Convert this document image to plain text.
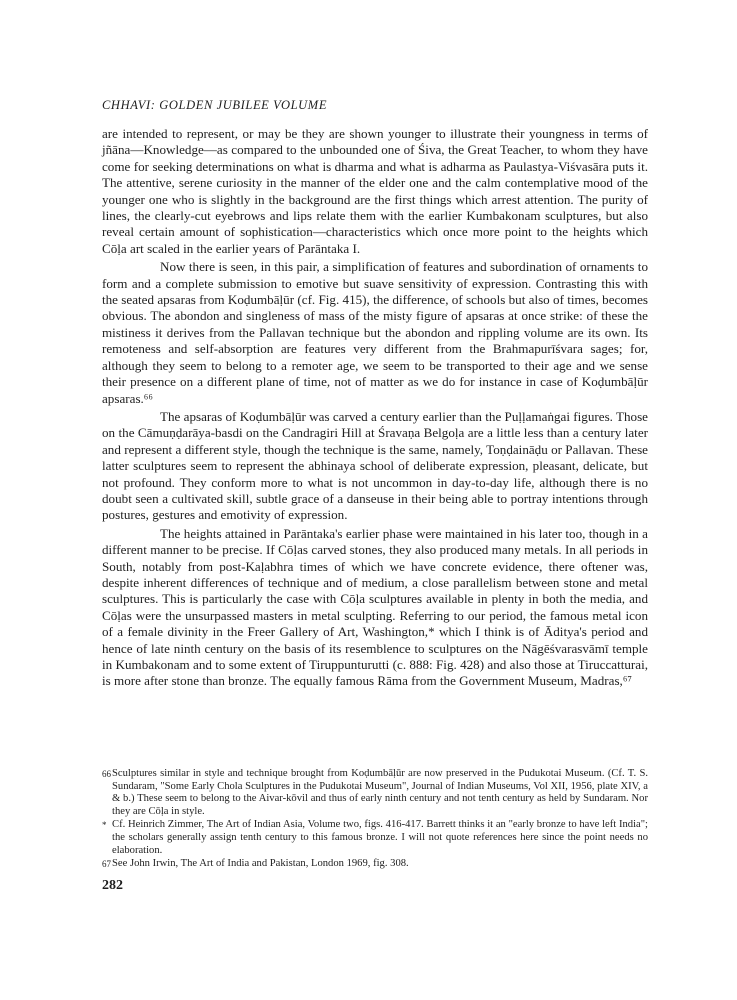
CHHAVI: GOLDEN JUBILEE VOLUME

are intended to represent, or may be they are shown younger to illustrate their youngness in terms of jñāna—Knowledge—as compared to the unbounded one of Śiva, the Great Teacher, to whom they have come for seeking determinations on what is dharma and what is adharma as Paulastya-Viśvasāra puts it. The attentive, serene curiosity in the manner of the elder one and the calm contemplative mood of the younger one who is slightly in the background are the first things which arrest attention. The purity of lines, the clearly-cut eyebrows and lips relate them with the earlier Kumbakonam sculptures, but also reveal certain amount of sophistication—characteristics which once more point to the heights which Cōḷa art scaled in the earlier years of Parāntaka I.

Now there is seen, in this pair, a simplification of features and subordination of ornaments to form and a complete submission to emotive but suave sensitivity of expression. Contrasting this with the seated apsaras from Koḍumbāḷūr (cf. Fig. 415), the difference, of schools but also of times, becomes obvious. The abondon and singleness of mass of the misty figure of apsaras at once strike: of these the mistiness it derives from the Pallavan technique but the abondon and rippling volume are its own. Its remoteness and self-absorption are features very different from the Brahmapurīśvara sages; for, although they seem to belong to a remoter age, we seem to be transported to their age and we sense their presence on a different plane of time, not of matter as we do for instance in case of Koḍumbāḷūr apsaras.⁶⁶

The apsaras of Koḍumbāḷūr was carved a century earlier than the Puḷḷamaṅgai figures. Those on the Cāmuṇḍarāya-basdi on the Candragiri Hill at Śravaṇa Belgoḷa are a little less than a century later and represent a different style, though the technique is the same, namely, Toṇḍaināḍu or Pallavan. These latter sculptures seem to represent the abhinaya school of deliberate expression, pleasant, delicate, but not profound. They conform more to what is not uncommon in day-to-day life, although there is no doubt seen a cultivated skill, subtle grace of a danseuse in their being able to portray intentions through postures, gestures and emotivity of expression.

The heights attained in Parāntaka's earlier phase were maintained in his later too, though in a different manner to be precise. If Cōḷas carved stones, they also produced many metals. In all periods in South, notably from post-Kaḷabhra times of which we have concrete evidence, there oftener was, despite inherent differences of technique and of medium, a close parallelism between stone and metal sculptures. This is particularly the case with Cōḷa sculptures available in plenty in both the media, and Cōḷas were the unsurpassed masters in metal sculpting. Referring to our period, the famous metal icon of a female divinity in the Freer Gallery of Art, Washington,* which I think is of Āditya's period and hence of late ninth century on the basis of its resemblence to sculptures on the Nāgēśvarasvāmī temple in Kumbakonam and to some extent of Tiruppunturutti (c. 888: Fig. 428) and also those at Tiruccatturai, is more after stone than bronze. The equally famous Rāma from the Government Museum, Madras,⁶⁷

66Sculptures similar in style and technique brought from Koḍumbāḷūr are now preserved in the Pudukotai Museum. (Cf. T. S. Sundaram, "Some Early Chola Sculptures in the Pudukotai Museum", Journal of Indian Museums, Vol XII, 1956, plate XIV, a & b.) These seem to belong to the Aivar-kōvil and thus of early ninth century and not tenth century as held by Sundaram. Nor they are Cōḷa in style.

* Cf. Heinrich Zimmer, The Art of Indian Asia, Volume two, figs. 416-417. Barrett thinks it an "early bronze to have left India"; the scholars generally assign tenth century to this famous bronze. I will not quote references here since the point needs no elaboration.

67See John Irwin, The Art of India and Pakistan, London 1969, fig. 308.

282
